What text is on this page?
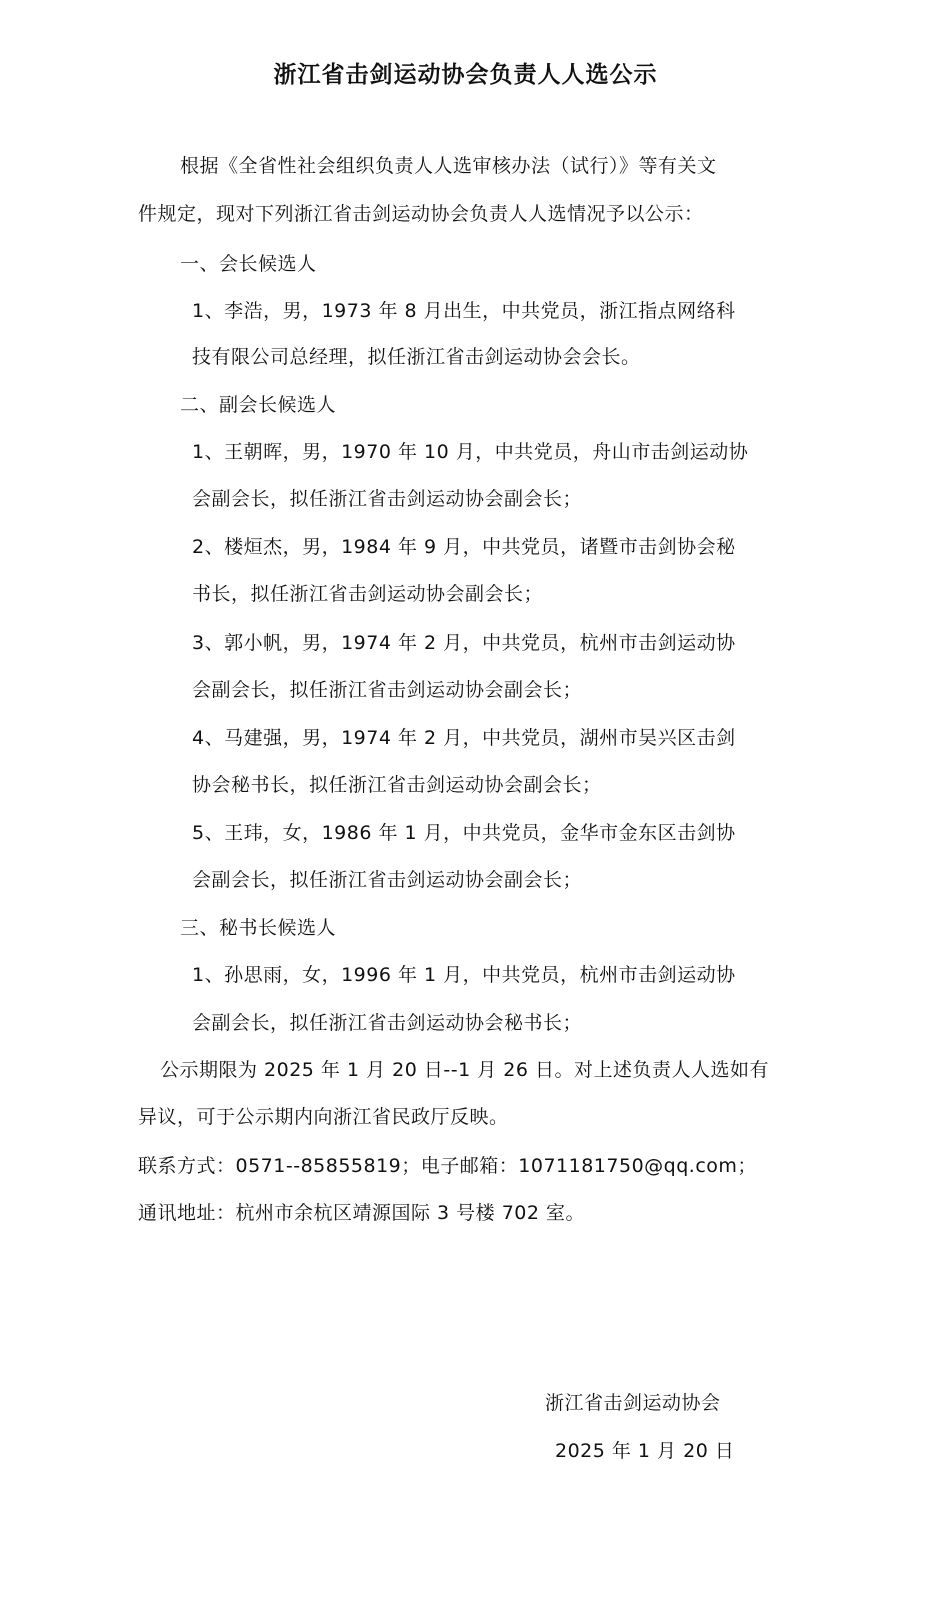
浙江省击剑运动协会负责人人选公示
根据《全省性社会组织负责人人选审核办法（试行）》等有关文
件规定，现对下列浙江省击剑运动协会负责人人选情况予以公示：
一、会长候选人
1、李浩，男，1973 年 8 月出生，中共党员，浙江指点网络科
技有限公司总经理，拟任浙江省击剑运动协会会长。
二、副会长候选人
1、王朝晖，男，1970 年 10 月，中共党员，舟山市击剑运动协
会副会长，拟任浙江省击剑运动协会副会长；
2、楼烜杰，男，1984 年 9 月，中共党员，诸暨市击剑协会秘
书长，拟任浙江省击剑运动协会副会长；
3、郭小帆，男，1974 年 2 月，中共党员，杭州市击剑运动协
会副会长，拟任浙江省击剑运动协会副会长；
4、马建强，男，1974 年 2 月，中共党员，湖州市吴兴区击剑
协会秘书长，拟任浙江省击剑运动协会副会长；
5、王玮，女，1986 年 1 月，中共党员，金华市金东区击剑协
会副会长，拟任浙江省击剑运动协会副会长；
三、秘书长候选人
1、孙思雨，女，1996 年 1 月，中共党员，杭州市击剑运动协
会副会长，拟任浙江省击剑运动协会秘书长；
公示期限为 2025 年 1 月 20 日--1 月 26 日。对上述负责人人选如有
异议，可于公示期内向浙江省民政厅反映。
联系方式：0571--85855819；电子邮箱：1071181750@qq.com；
通讯地址：杭州市余杭区靖源国际 3 号楼 702 室。
浙江省击剑运动协会
2025 年 1 月 20 日
